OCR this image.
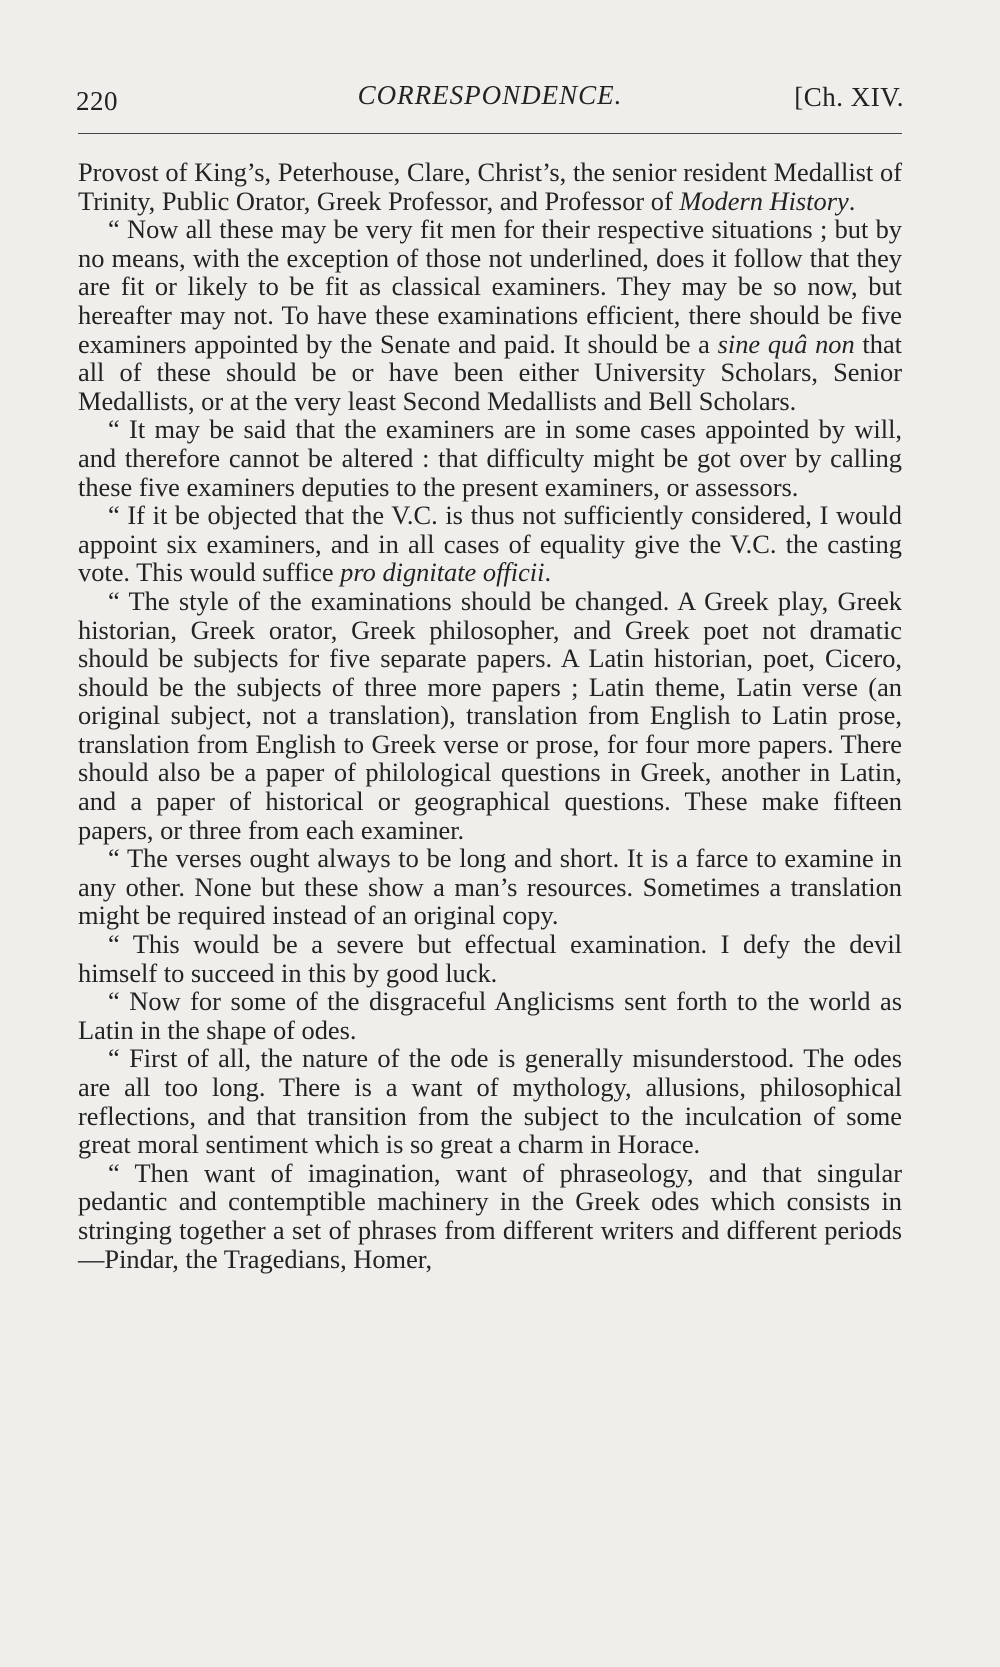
220	CORRESPONDENCE.	[Ch. XIV.

Provost of King’s, Peterhouse, Clare, Christ’s, the senior resident Medallist of Trinity, Public Orator, Greek Professor, and Professor of Modern History.

“ Now all these may be very fit men for their respective situations ; but by no means, with the exception of those not underlined, does it follow that they are fit or likely to be fit as classical examiners. They may be so now, but hereafter may not. To have these examinations efficient, there should be five examiners appointed by the Senate and paid. It should be a sine quâ non that all of these should be or have been either University Scholars, Senior Medallists, or at the very least Second Medallists and Bell Scholars.

“ It may be said that the examiners are in some cases appointed by will, and therefore cannot be altered : that difficulty might be got over by calling these five examiners deputies to the present examiners, or assessors.

“ If it be objected that the V.C. is thus not sufficiently considered, I would appoint six examiners, and in all cases of equality give the V.C. the casting vote. This would suffice pro dignitate officii.

“ The style of the examinations should be changed. A Greek play, Greek historian, Greek orator, Greek philosopher, and Greek poet not dramatic should be subjects for five separate papers. A Latin historian, poet, Cicero, should be the subjects of three more papers ; Latin theme, Latin verse (an original subject, not a translation), translation from English to Latin prose, translation from English to Greek verse or prose, for four more papers. There should also be a paper of philological questions in Greek, another in Latin, and a paper of historical or geographical questions. These make fifteen papers, or three from each examiner.

“ The verses ought always to be long and short. It is a farce to examine in any other. None but these show a man’s resources. Sometimes a translation might be required instead of an original copy.

“ This would be a severe but effectual examination. I defy the devil himself to succeed in this by good luck.

“ Now for some of the disgraceful Anglicisms sent forth to the world as Latin in the shape of odes.

“ First of all, the nature of the ode is generally misunderstood. The odes are all too long. There is a want of mythology, allusions, philosophical reflections, and that transition from the subject to the inculcation of some great moral sentiment which is so great a charm in Horace.

“ Then want of imagination, want of phraseology, and that singular pedantic and contemptible machinery in the Greek odes which consists in stringing together a set of phrases from different writers and different periods—Pindar, the Tragedians, Homer,
